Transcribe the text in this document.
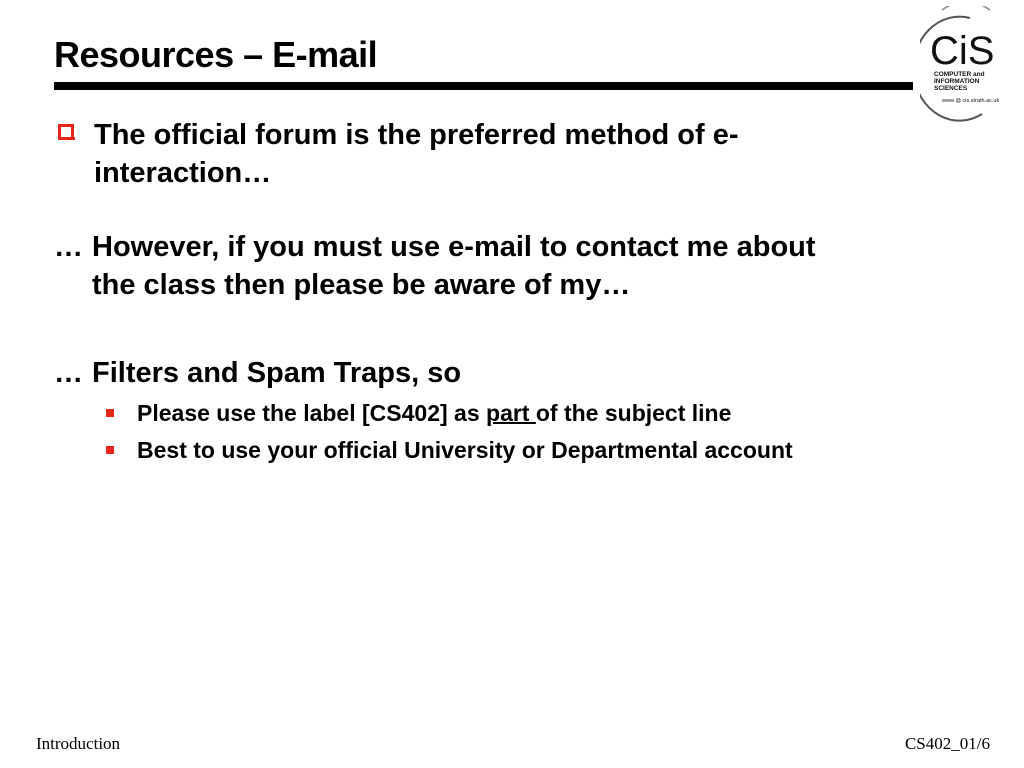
Resources – E-mail	CiS
COMPUTER and
INFORMATION
SCIENCES
www @ cis.strath.ac.uk
The official forum is the preferred method of e-
interaction…
… However, if you must use e-mail to contact me about
the class then please be aware of my…
… Filters and Spam Traps, so
Please use the label [CS402] as part of the subject line
Best to use your official University or Departmental account
Introduction	CS402_01/6
